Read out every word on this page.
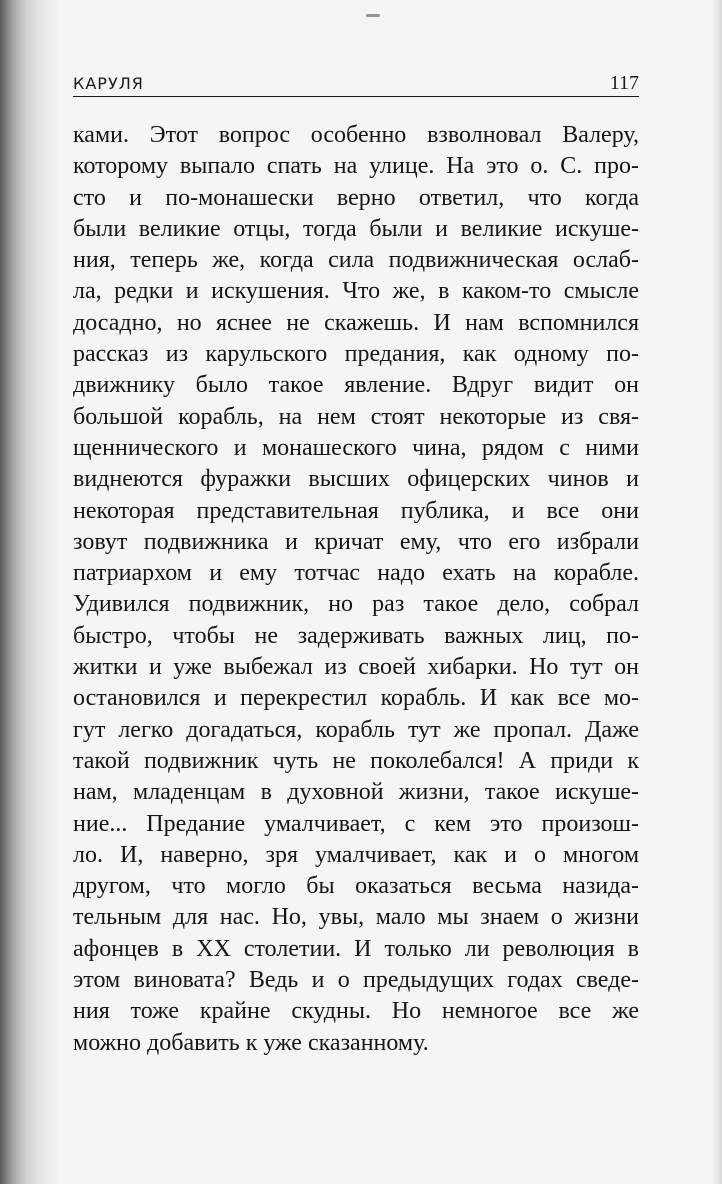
КАРУЛЯ	117
ками. Этот вопрос особенно взволновал Валеру,
которому выпало спать на улице. На это о. С. про-
сто и по-монашески верно ответил, что когда
были великие отцы, тогда были и великие искуше-
ния, теперь же, когда сила подвижническая ослаб-
ла, редки и искушения. Что же, в каком-то смысле
досадно, но яснее не скажешь. И нам вспомнился
рассказ из карульского предания, как одному по-
движнику было такое явление. Вдруг видит он
большой корабль, на нем стоят некоторые из свя-
щеннического и монашеского чина, рядом с ними
виднеются фуражки высших офицерских чинов и
некоторая представительная публика, и все они
зовут подвижника и кричат ему, что его избрали
патриархом и ему тотчас надо ехать на корабле.
Удивился подвижник, но раз такое дело, собрал
быстро, чтобы не задерживать важных лиц, по-
житки и уже выбежал из своей хибарки. Но тут он
остановился и перекрестил корабль. И как все мо-
гут легко догадаться, корабль тут же пропал. Даже
такой подвижник чуть не поколебался! А приди к
нам, младенцам в духовной жизни, такое искуше-
ние... Предание умалчивает, с кем это произош-
ло. И, наверно, зря умалчивает, как и о многом
другом, что могло бы оказаться весьма назида-
тельным для нас. Но, увы, мало мы знаем о жизни
афонцев в XX столетии. И только ли революция в
этом виновата? Ведь и о предыдущих годах сведе-
ния тоже крайне скудны. Но немногое все же
можно добавить к уже сказанному.
